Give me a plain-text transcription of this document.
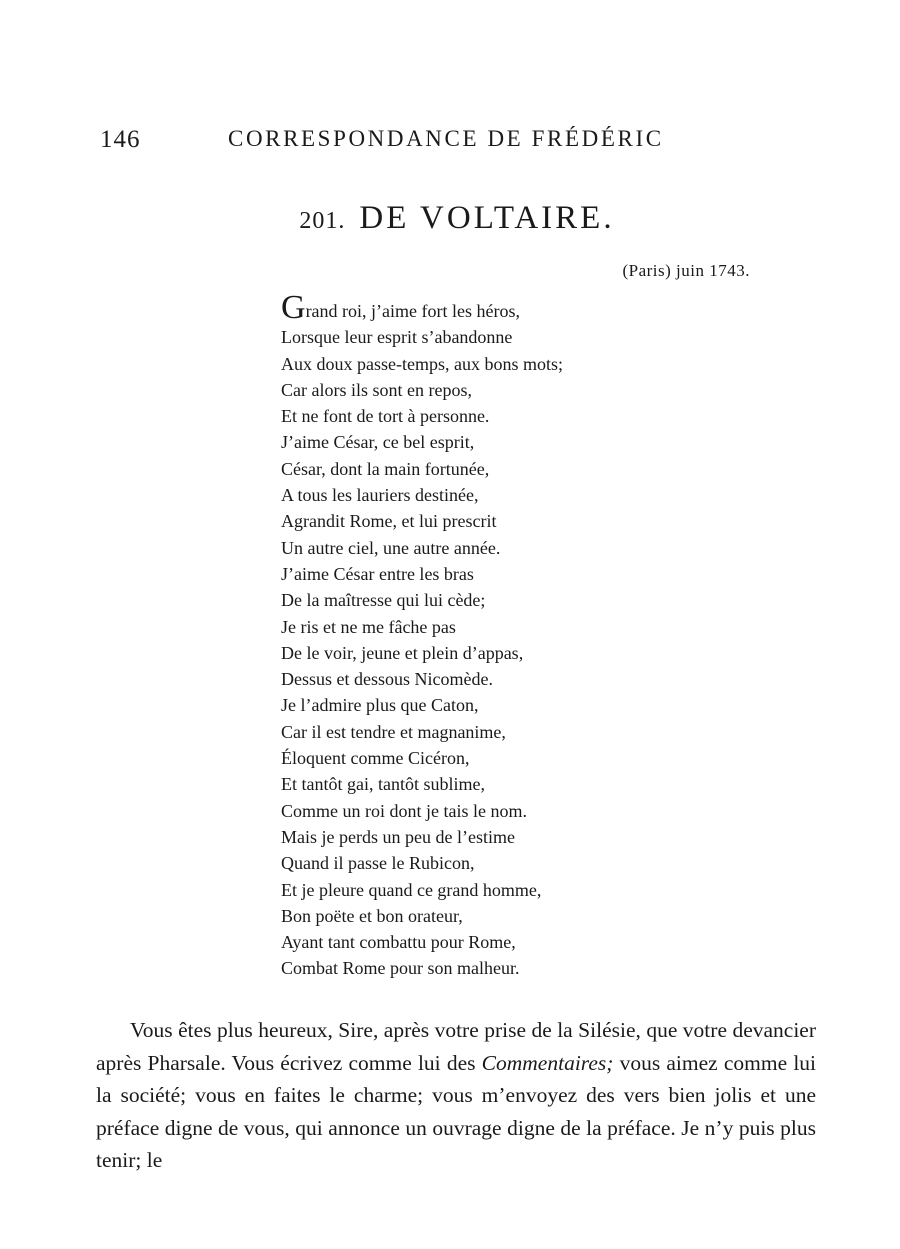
146	CORRESPONDANCE DE FRÉDÉRIC
201. DE VOLTAIRE.
(Paris) juin 1743.
Grand roi, j’aime fort les héros,
Lorsque leur esprit s’abandonne
Aux doux passe-temps, aux bons mots;
Car alors ils sont en repos,
Et ne font de tort à personne.
J’aime César, ce bel esprit,
César, dont la main fortunée,
A tous les lauriers destinée,
Agrandit Rome, et lui prescrit
Un autre ciel, une autre année.
J’aime César entre les bras
De la maîtresse qui lui cède;
Je ris et ne me fâche pas
De le voir, jeune et plein d’appas,
Dessus et dessous Nicomède.
Je l’admire plus que Caton,
Car il est tendre et magnanime,
Éloquent comme Cicéron,
Et tantôt gai, tantôt sublime,
Comme un roi dont je tais le nom.
Mais je perds un peu de l’estime
Quand il passe le Rubicon,
Et je pleure quand ce grand homme,
Bon poëte et bon orateur,
Ayant tant combattu pour Rome,
Combat Rome pour son malheur.

Vous êtes plus heureux, Sire, après votre prise de la Silésie, que votre devancier après Pharsale. Vous écrivez comme lui des Commentaires; vous aimez comme lui la société; vous en faites le charme; vous m’envoyez des vers bien jolis et une préface digne de vous, qui annonce un ouvrage digne de la préface. Je n’y puis plus tenir; le
